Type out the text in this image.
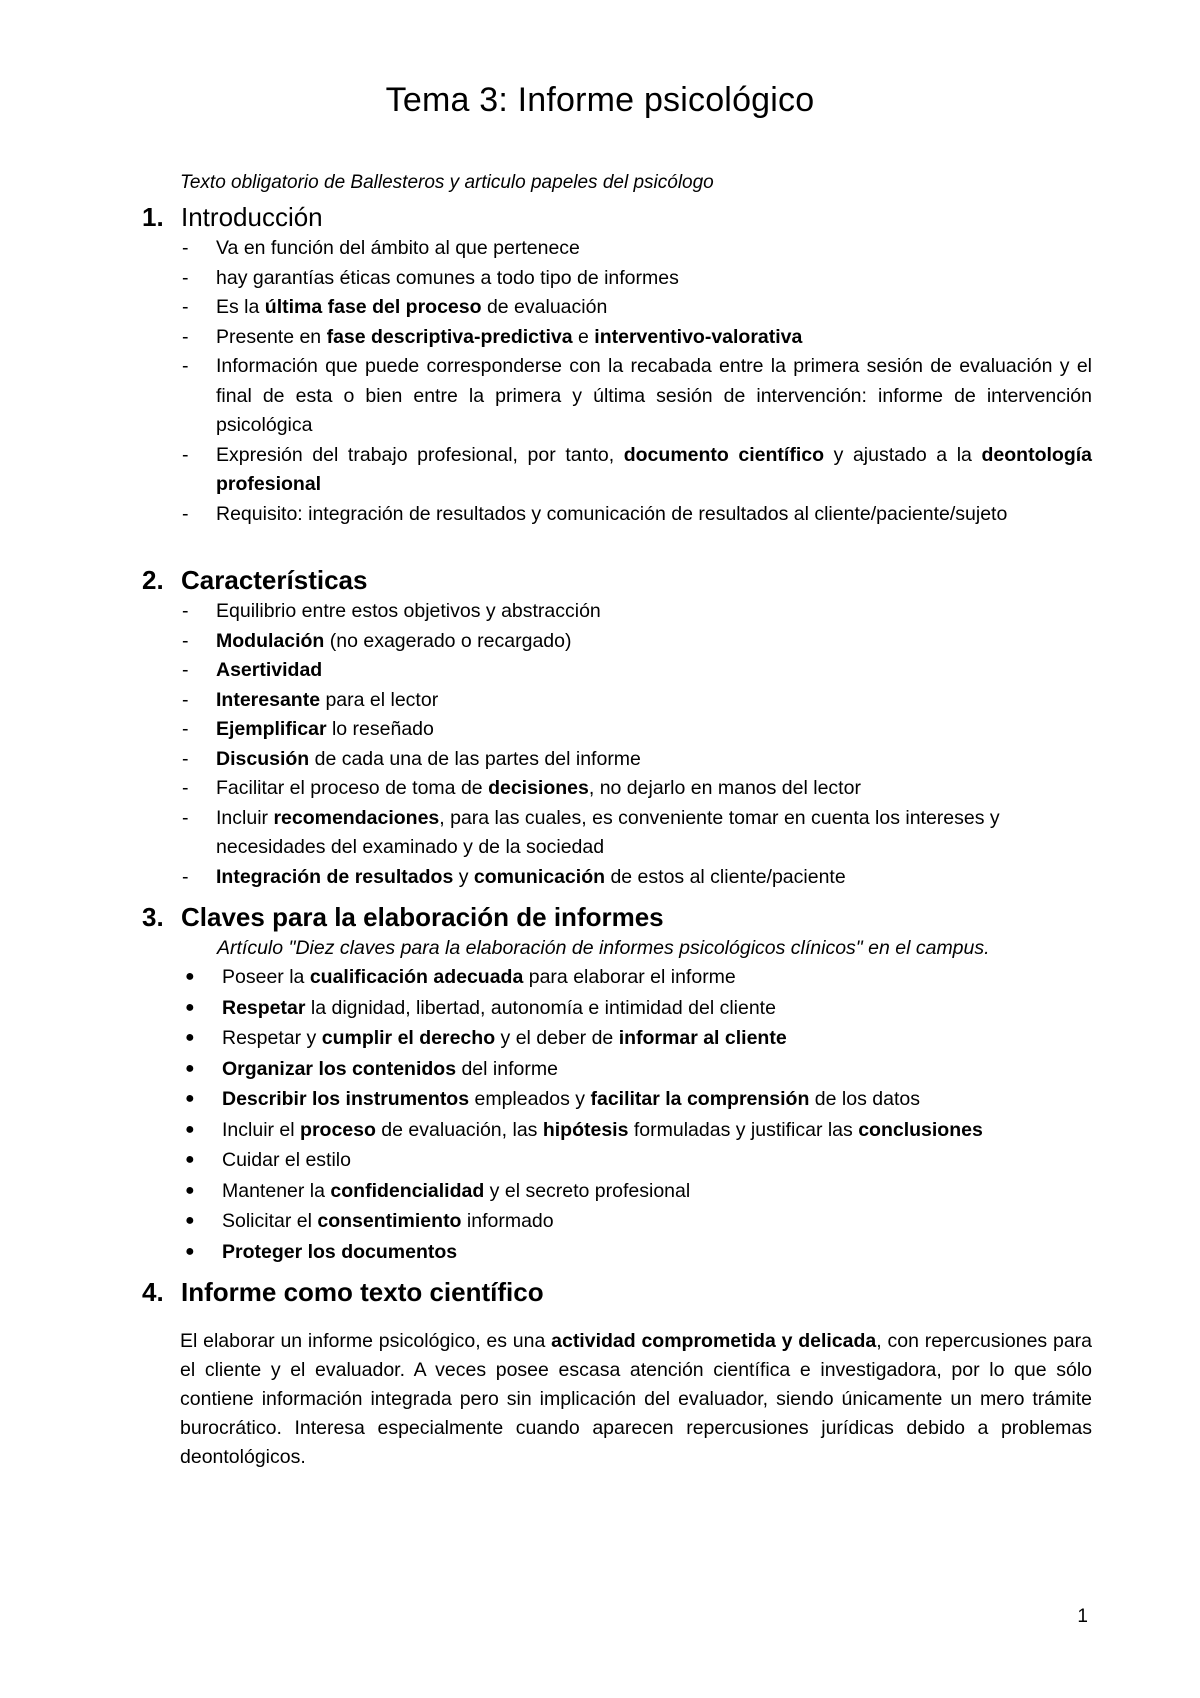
Tema 3: Informe psicológico
Texto obligatorio de Ballesteros y articulo papeles del psicólogo
1. Introducción
- Va en función del ámbito al que pertenece
- hay garantías éticas comunes a todo tipo de informes
- Es la última fase del proceso de evaluación
- Presente en fase descriptiva-predictiva e interventivo-valorativa
- Información que puede corresponderse con la recabada entre la primera sesión de evaluación y el final de esta o bien entre la primera y última sesión de intervención: informe de intervención psicológica
- Expresión del trabajo profesional, por tanto, documento científico y ajustado a la deontología profesional
- Requisito: integración de resultados y comunicación de resultados al cliente/paciente/sujeto
2. Características
- Equilibrio entre estos objetivos y abstracción
- Modulación (no exagerado o recargado)
- Asertividad
- Interesante para el lector
- Ejemplificar lo reseñado
- Discusión de cada una de las partes del informe
- Facilitar el proceso de toma de decisiones, no dejarlo en manos del lector
- Incluir recomendaciones, para las cuales, es conveniente tomar en cuenta los intereses y necesidades del examinado y de la sociedad
- Integración de resultados y comunicación de estos al cliente/paciente
3. Claves para la elaboración de informes
Artículo "Diez claves para la elaboración de informes psicológicos clínicos" en el campus.
● Poseer la cualificación adecuada para elaborar el informe
● Respetar la dignidad, libertad, autonomía e intimidad del cliente
● Respetar y cumplir el derecho y el deber de informar al cliente
● Organizar los contenidos del informe
● Describir los instrumentos empleados y facilitar la comprensión de los datos
● Incluir el proceso de evaluación, las hipótesis formuladas y justificar las conclusiones
● Cuidar el estilo
● Mantener la confidencialidad y el secreto profesional
● Solicitar el consentimiento informado
● Proteger los documentos
4. Informe como texto científico
El elaborar un informe psicológico, es una actividad comprometida y delicada, con repercusiones para el cliente y el evaluador. A veces posee escasa atención científica e investigadora, por lo que sólo contiene información integrada pero sin implicación del evaluador, siendo únicamente un mero trámite burocrático. Interesa especialmente cuando aparecen repercusiones jurídicas debido a problemas deontológicos.
1
